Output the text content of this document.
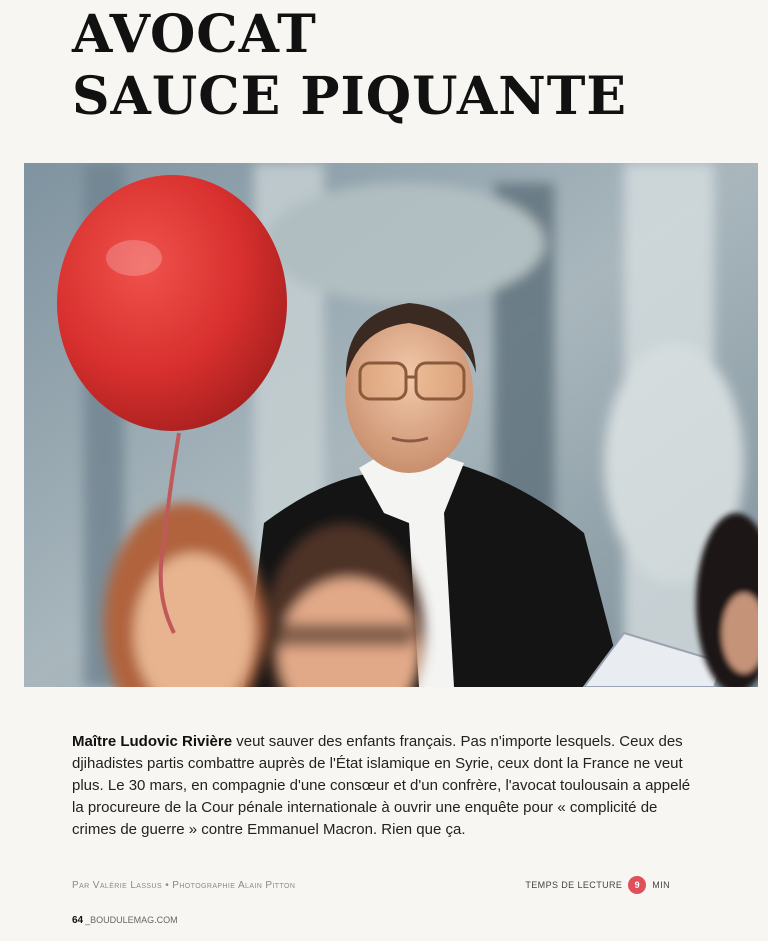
AVOCAT
SAUCE PIQUANTE

Maître Ludovic Rivière veut sauver des enfants français. Pas n'importe lesquels. Ceux des djihadistes partis combattre auprès de l'État islamique en Syrie, ceux dont la France ne veut plus. Le 30 mars, en compagnie d'une consœur et d'un confrère, l'avocat toulousain a appelé la procureure de la Cour pénale internationale à ouvrir une enquête pour « complicité de crimes de guerre » contre Emmanuel Macron. Rien que ça.

Par Valérie Lassus • Photographie Alain Pitton	TEMPS DE LECTURE	9	MIN
64 _BOUDULEMAG.COM
